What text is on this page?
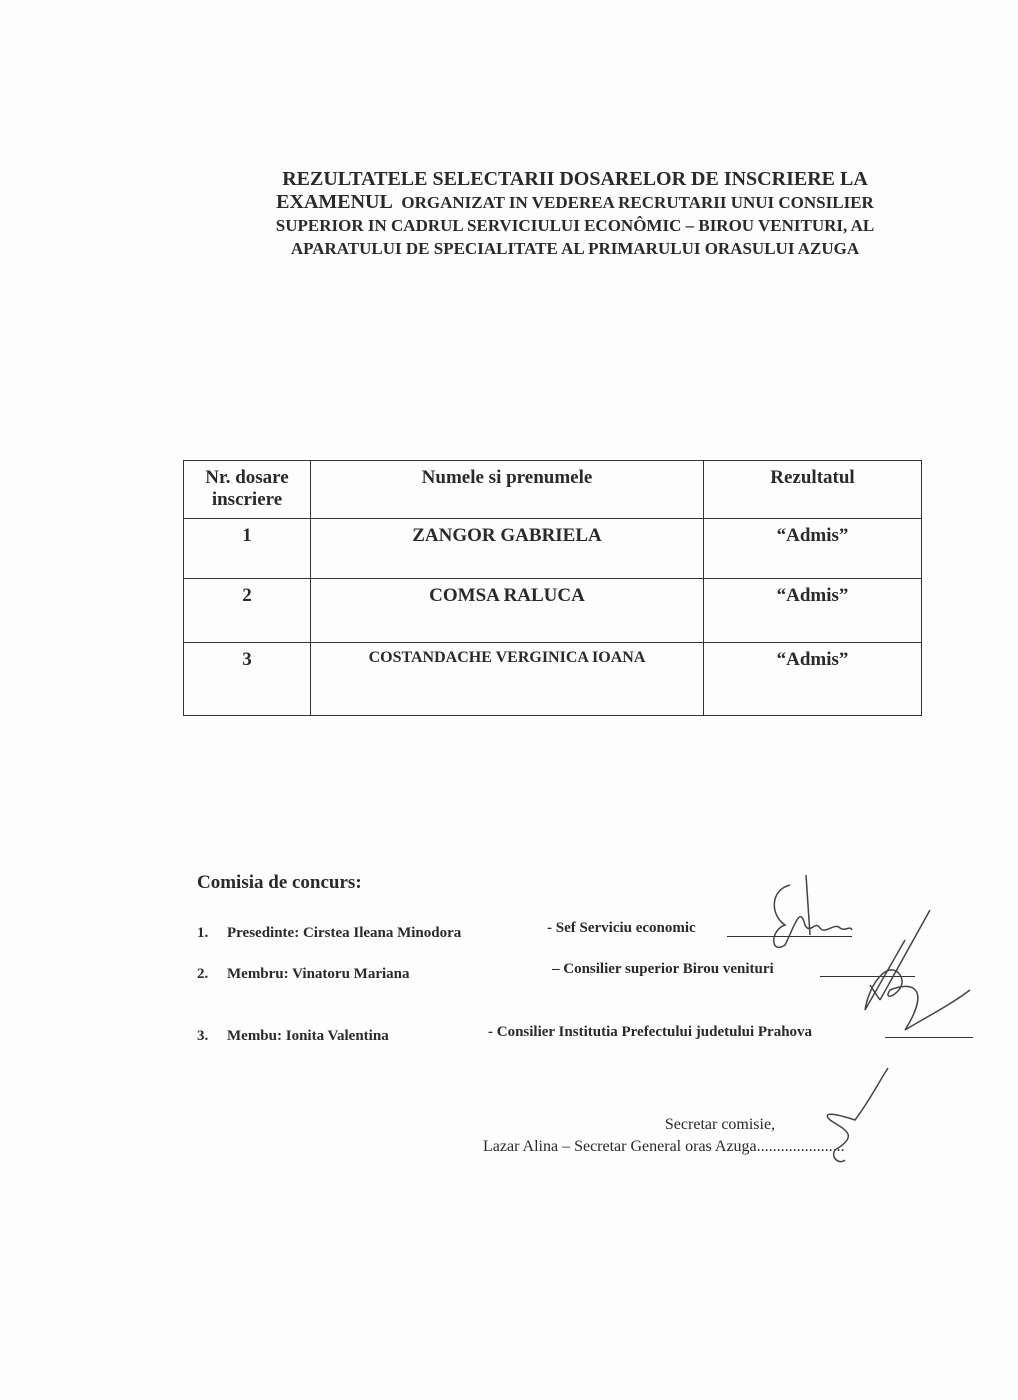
REZULTATELE SELECTARII DOSARELOR DE INSCRIERE LA
EXAMENUL ORGANIZAT IN VEDEREA RECRUTARII UNUI CONSILIER
SUPERIOR IN CADRUL SERVICIULUI ECONÔMIC – BIROU VENITURI, AL
APARATULUI DE SPECIALITATE AL PRIMARULUI ORASULUI AZUGA
Nr. dosare inscriere	Numele si prenumele	Rezultatul
1	ZANGOR GABRIELA	“Admis”
2	COMSA RALUCA	“Admis”
3	COSTANDACHE VERGINICA IOANA	“Admis”
Comisia de concurs:
1. Presedinte: Cirstea Ileana Minodora	- Sef Serviciu economic
2. Membru: Vinatoru Mariana	– Consilier superior Birou venituri
3. Membu: Ionita Valentina	- Consilier Institutia Prefectului judetului Prahova
Secretar comisie,
Lazar Alina – Secretar General oras Azuga......................
